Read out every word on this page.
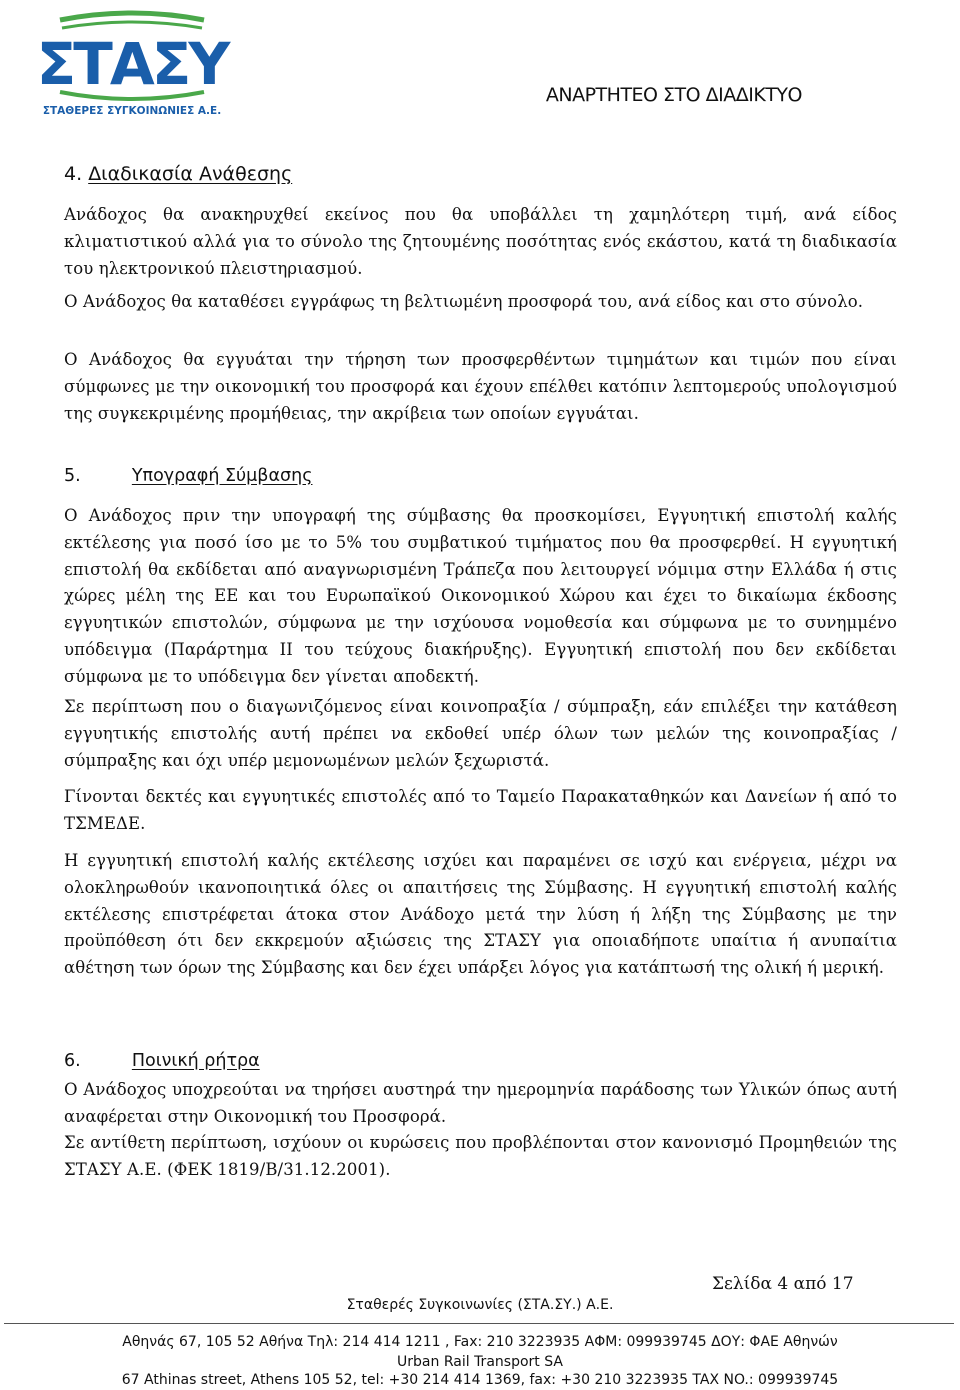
ΣΤΑΣΥ
ΣΤΑΘΕΡΕΣ ΣΥΓΚΟΙΝΩΝΙΕΣ Α.Ε.
ΑΝΑΡΤΗΤΕΟ ΣΤΟ ΔΙΑΔΙΚΤΥΟ
4. Διαδικασία Ανάθεσης
Ανάδοχος θα ανακηρυχθεί εκείνος που θα υποβάλλει τη χαμηλότερη τιμή, ανά είδος κλιματιστικού αλλά για το σύνολο της ζητουμένης ποσότητας ενός εκάστου, κατά τη διαδικασία του ηλεκτρονικού πλειστηριασμού.
Ο Ανάδοχος θα καταθέσει εγγράφως τη βελτιωμένη προσφορά του, ανά είδος και στο σύνολο.
Ο Ανάδοχος θα εγγυάται την τήρηση των προσφερθέντων τιμημάτων και τιμών που είναι σύμφωνες με την οικονομική του προσφορά και έχουν επέλθει κατόπιν λεπτομερούς υπολογισμού της συγκεκριμένης προμήθειας, την ακρίβεια των οποίων εγγυάται.
5.	Υπογραφή Σύμβασης
Ο Ανάδοχος πριν την υπογραφή της σύμβασης θα προσκομίσει, Εγγυητική επιστολή καλής εκτέλεσης για ποσό ίσο με το 5% του συμβατικού τιμήματος που θα προσφερθεί. Η εγγυητική επιστολή θα εκδίδεται από αναγνωρισμένη Τράπεζα που λειτουργεί νόμιμα στην Ελλάδα ή στις χώρες μέλη της ΕΕ και του Ευρωπαϊκού Οικονομικού Χώρου και έχει το δικαίωμα έκδοσης εγγυητικών επιστολών, σύμφωνα με την ισχύουσα νομοθεσία και σύμφωνα με το συνημμένο υπόδειγμα (Παράρτημα ΙΙ του τεύχους διακήρυξης). Εγγυητική επιστολή που δεν εκδίδεται σύμφωνα με το υπόδειγμα δεν γίνεται αποδεκτή.
Σε περίπτωση που ο διαγωνιζόμενος είναι κοινοπραξία / σύμπραξη, εάν επιλέξει την κατάθεση εγγυητικής επιστολής αυτή πρέπει να εκδοθεί υπέρ όλων των μελών της κοινοπραξίας / σύμπραξης και όχι υπέρ μεμονωμένων μελών ξεχωριστά.
Γίνονται δεκτές και εγγυητικές επιστολές από το Ταμείο Παρακαταθηκών και Δανείων ή από το ΤΣΜΕΔΕ.
Η εγγυητική επιστολή καλής εκτέλεσης ισχύει και παραμένει σε ισχύ και ενέργεια, μέχρι να ολοκληρωθούν ικανοποιητικά όλες οι απαιτήσεις της Σύμβασης. Η εγγυητική επιστολή καλής εκτέλεσης επιστρέφεται άτοκα στον Ανάδοχο μετά την λύση ή λήξη της Σύμβασης με την προϋπόθεση ότι δεν εκκρεμούν αξιώσεις της ΣΤΑΣΥ για οποιαδήποτε υπαίτια ή ανυπαίτια αθέτηση των όρων της Σύμβασης και δεν έχει υπάρξει λόγος για κατάπτωσή της ολική ή μερική.
6.	Ποινική ρήτρα
Ο Ανάδοχος υποχρεούται να τηρήσει αυστηρά την ημερομηνία παράδοσης των Υλικών όπως αυτή αναφέρεται στην Οικονομική του Προσφορά.
Σε αντίθετη περίπτωση, ισχύουν οι κυρώσεις που προβλέπονται στον κανονισμό Προμηθειών της ΣΤΑΣΥ Α.Ε. (ΦΕΚ 1819/Β/31.12.2001).
Σελίδα 4 από 17
Σταθερές Συγκοινωνίες (ΣΤΑ.ΣΥ.) Α.Ε.
Αθηνάς 67, 105 52 Αθήνα Τηλ: 214 414 1211 , Fax: 210 3223935 ΑΦΜ: 099939745 ΔΟΥ: ΦΑΕ Αθηνών
Urban Rail Transport SA
67 Athinas street, Athens 105 52, tel: +30 214 414 1369, fax: +30 210 3223935 TAX NO.: 099939745
